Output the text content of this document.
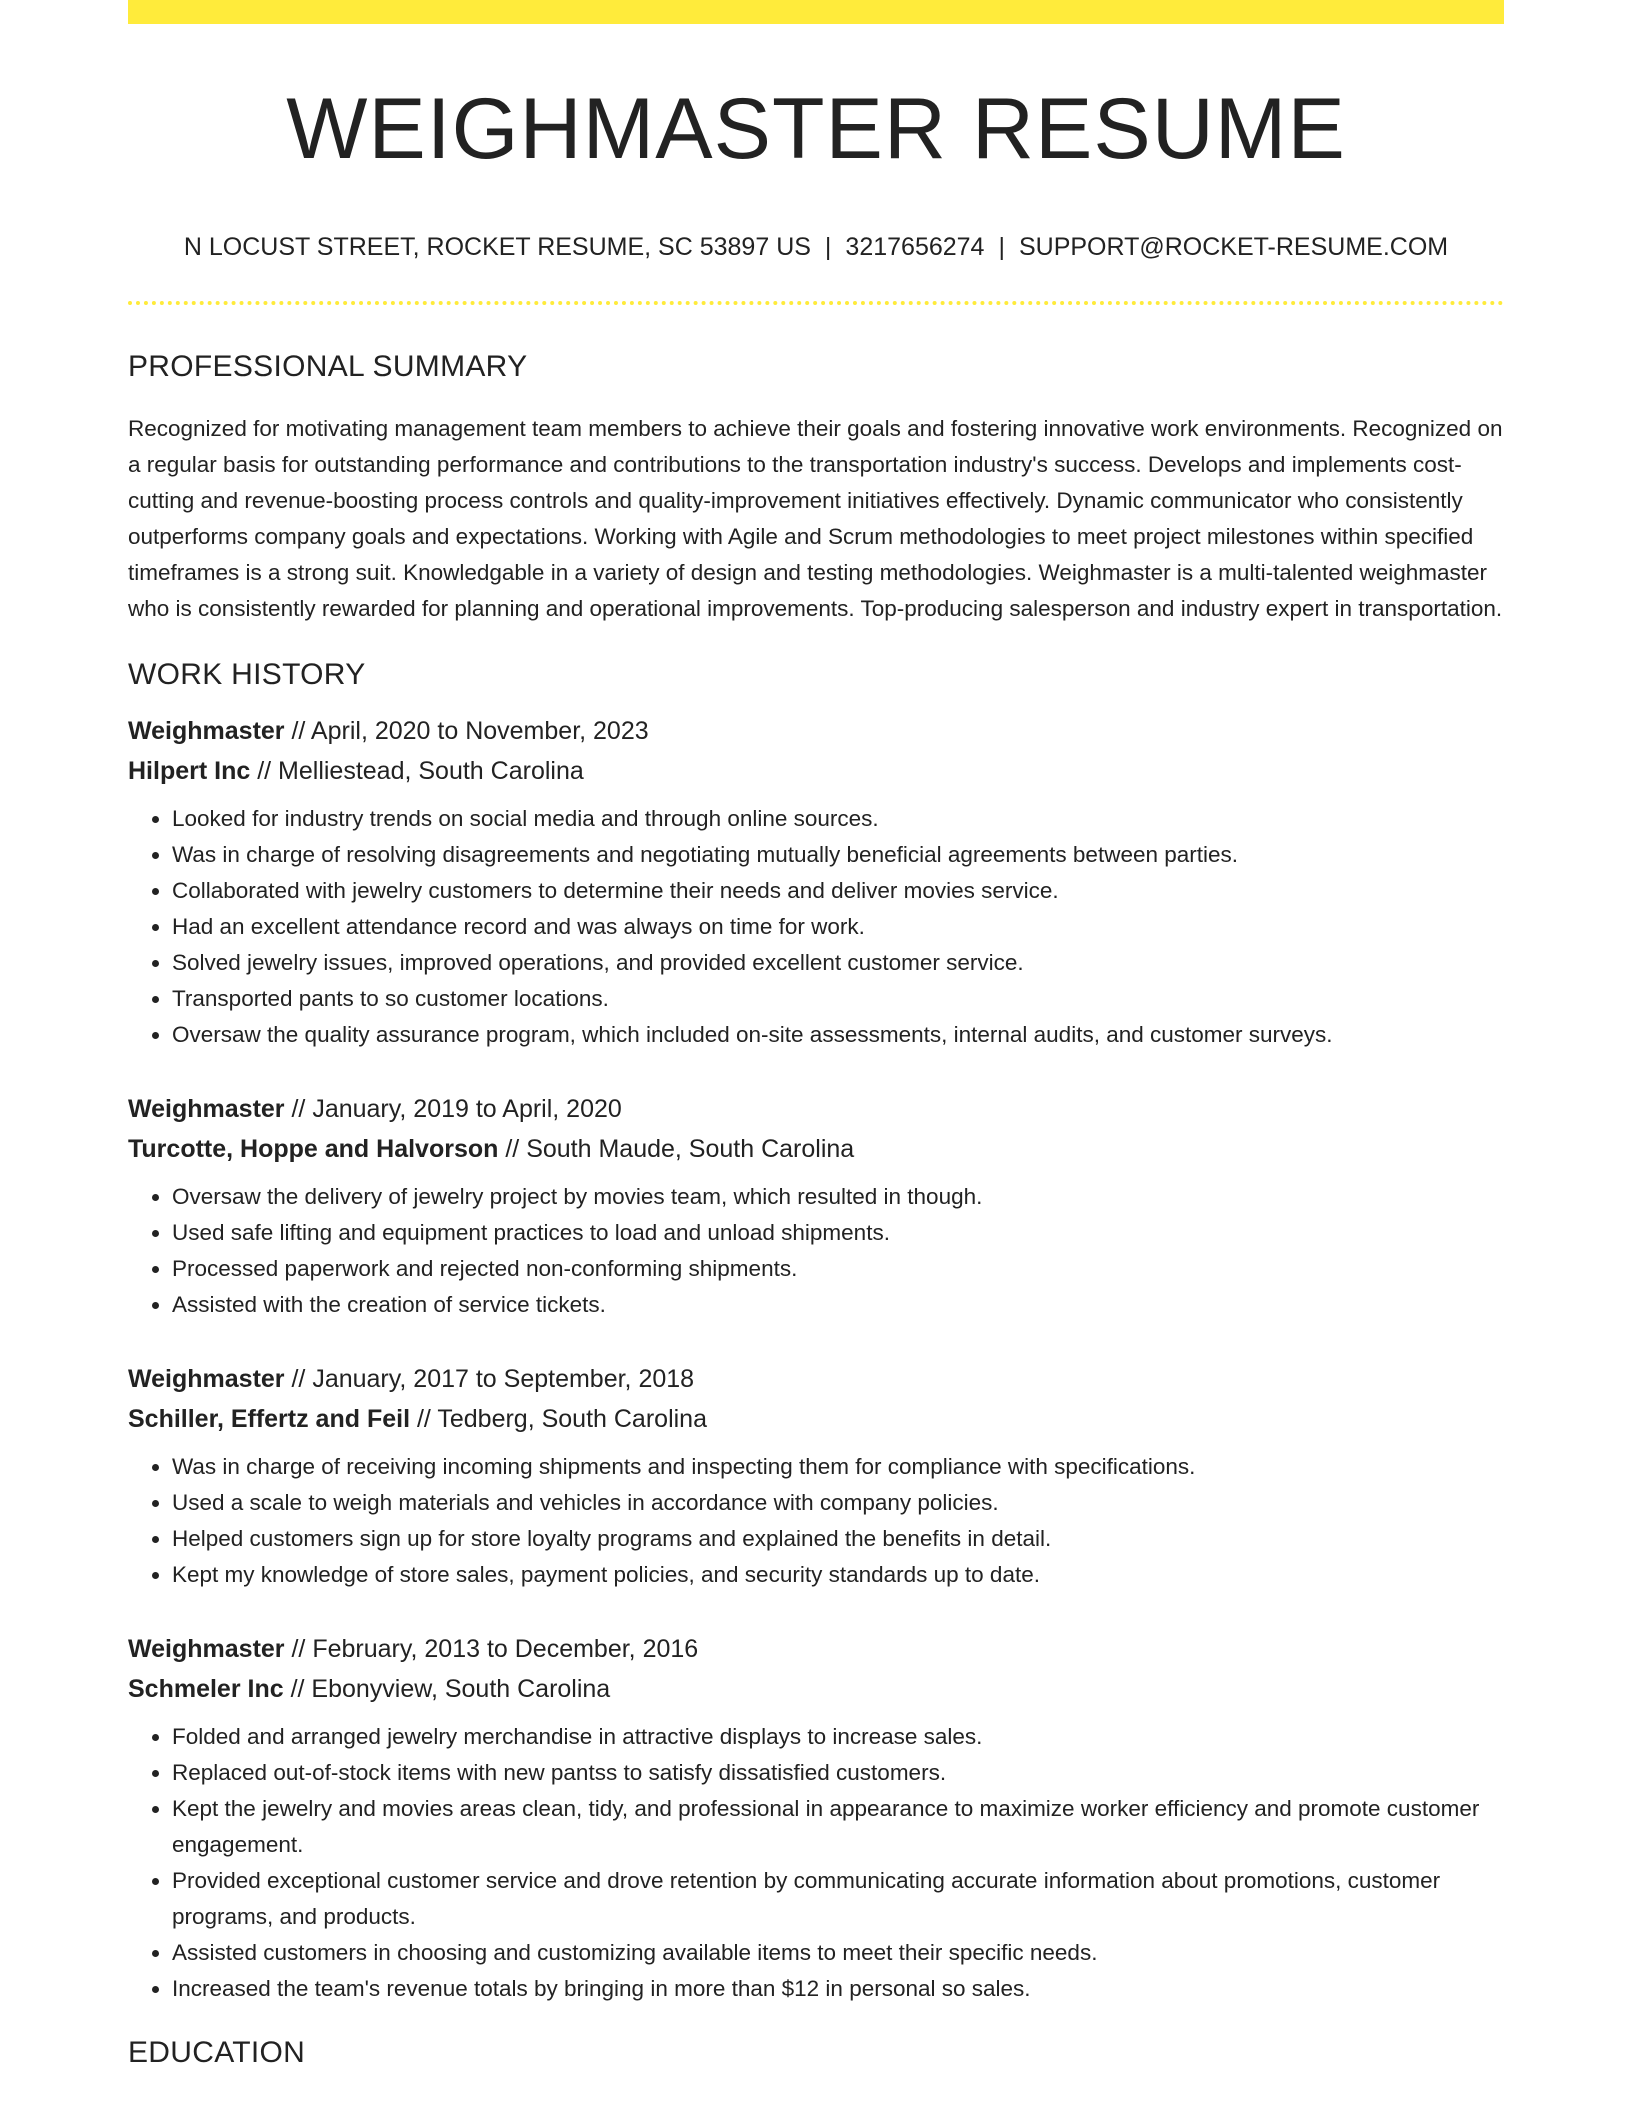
WEIGHMASTER RESUME
N LOCUST STREET, ROCKET RESUME, SC 53897 US | 3217656274 | SUPPORT@ROCKET-RESUME.COM
PROFESSIONAL SUMMARY

Recognized for motivating management team members to achieve their goals and fostering innovative work environments. Recognized on a regular basis for outstanding performance and contributions to the transportation industry's success. Develops and implements cost-cutting and revenue-boosting process controls and quality-improvement initiatives effectively. Dynamic communicator who consistently outperforms company goals and expectations. Working with Agile and Scrum methodologies to meet project milestones within specified timeframes is a strong suit. Knowledgable in a variety of design and testing methodologies. Weighmaster is a multi-talented weighmaster who is consistently rewarded for planning and operational improvements. Top-producing salesperson and industry expert in transportation.

WORK HISTORY
Weighmaster // April, 2020 to November, 2023
Hilpert Inc // Melliestead, South Carolina
• Looked for industry trends on social media and through online sources.
• Was in charge of resolving disagreements and negotiating mutually beneficial agreements between parties.
• Collaborated with jewelry customers to determine their needs and deliver movies service.
• Had an excellent attendance record and was always on time for work.
• Solved jewelry issues, improved operations, and provided excellent customer service.
• Transported pants to so customer locations.
• Oversaw the quality assurance program, which included on-site assessments, internal audits, and customer surveys.
Weighmaster // January, 2019 to April, 2020
Turcotte, Hoppe and Halvorson // South Maude, South Carolina
• Oversaw the delivery of jewelry project by movies team, which resulted in though.
• Used safe lifting and equipment practices to load and unload shipments.
• Processed paperwork and rejected non-conforming shipments.
• Assisted with the creation of service tickets.
Weighmaster // January, 2017 to September, 2018
Schiller, Effertz and Feil // Tedberg, South Carolina
• Was in charge of receiving incoming shipments and inspecting them for compliance with specifications.
• Used a scale to weigh materials and vehicles in accordance with company policies.
• Helped customers sign up for store loyalty programs and explained the benefits in detail.
• Kept my knowledge of store sales, payment policies, and security standards up to date.
Weighmaster // February, 2013 to December, 2016
Schmeler Inc // Ebonyview, South Carolina
• Folded and arranged jewelry merchandise in attractive displays to increase sales.
• Replaced out-of-stock items with new pantss to satisfy dissatisfied customers.
• Kept the jewelry and movies areas clean, tidy, and professional in appearance to maximize worker efficiency and promote customer engagement.
• Provided exceptional customer service and drove retention by communicating accurate information about promotions, customer programs, and products.
• Assisted customers in choosing and customizing available items to meet their specific needs.
• Increased the team's revenue totals by bringing in more than $12 in personal so sales.
EDUCATION
